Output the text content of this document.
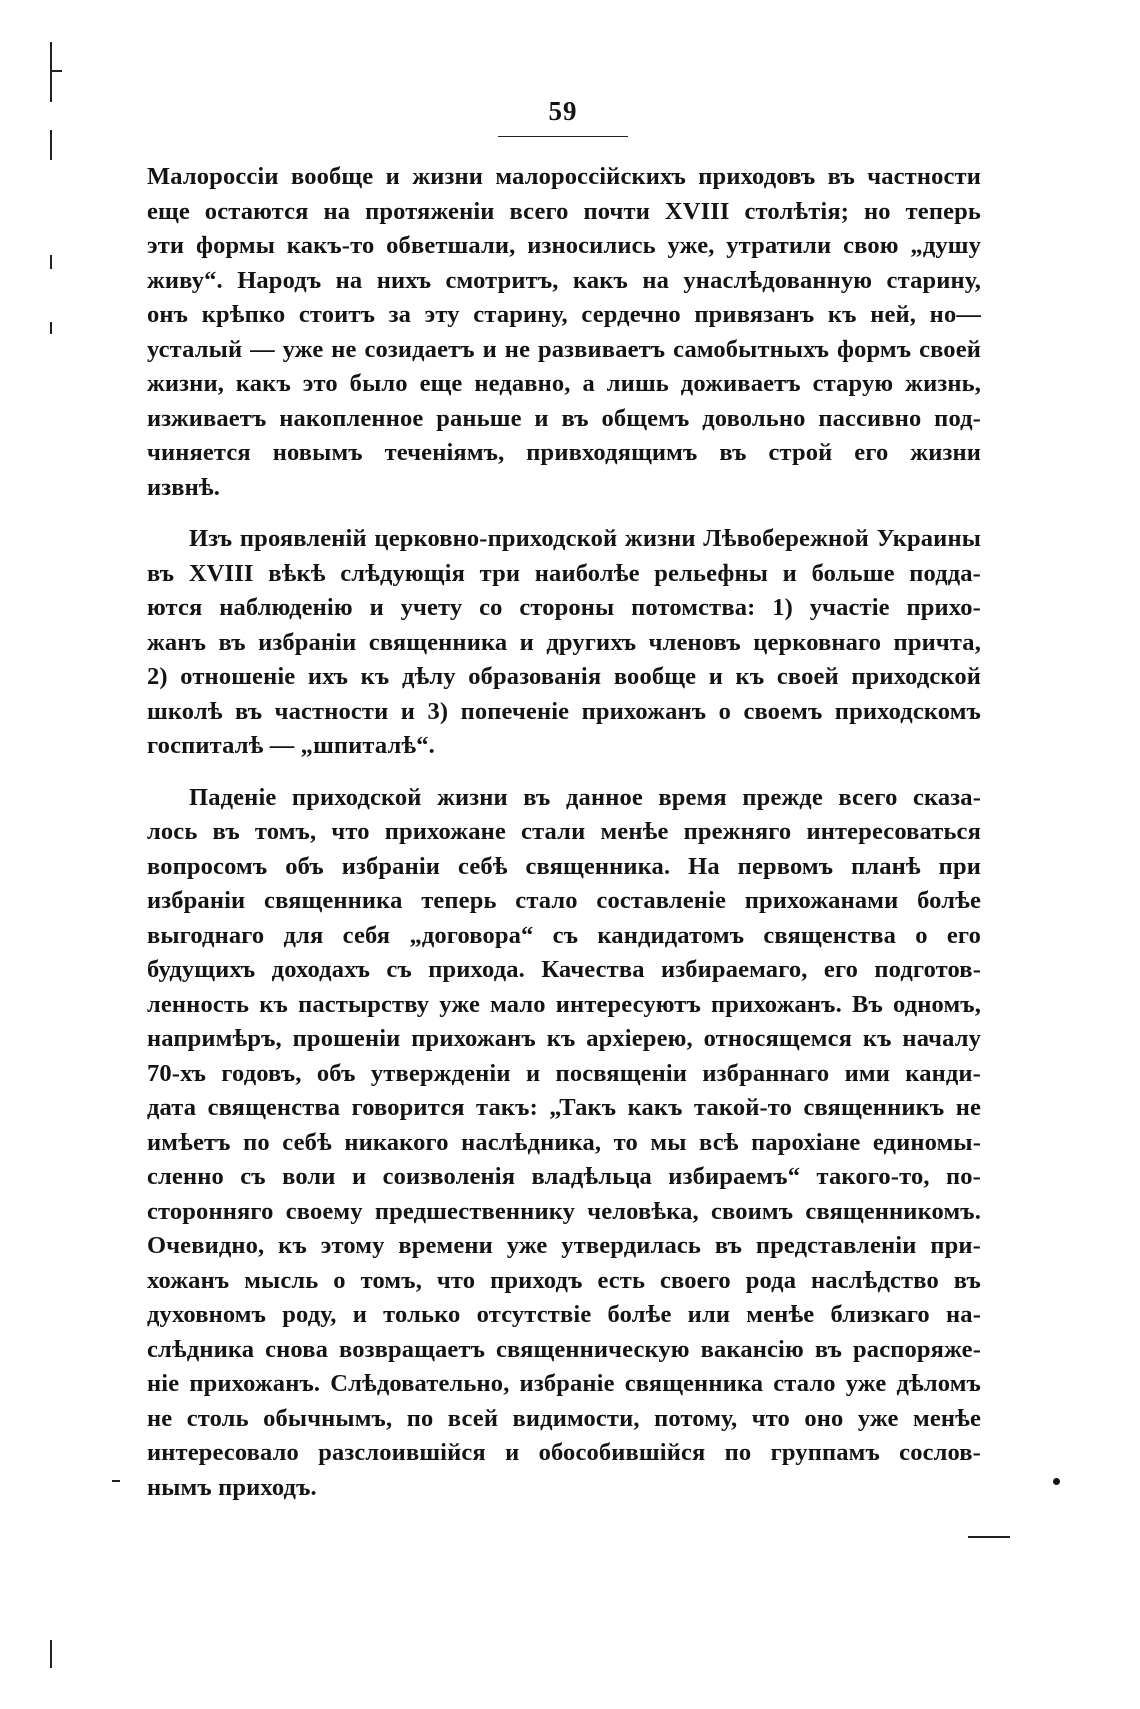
59
Малороссіи вообще и жизни малороссійскихъ приходовъ въ частности
еще остаются на протяженіи всего почти XVIII столѣтія; но теперь
эти формы какъ-то обветшали, износились уже, утратили свою „душу
живу“. Народъ на нихъ смотритъ, какъ на унаслѣдованную старину,
онъ крѣпко стоитъ за эту старину, сердечно привязанъ къ ней, но—
усталый — уже не созидаетъ и не развиваетъ самобытныхъ формъ своей
жизни, какъ это было еще недавно, а лишь доживаетъ старую жизнь,
изживаетъ накопленное раньше и въ общемъ довольно пассивно под-
чиняется новымъ теченіямъ, привходящимъ въ строй его жизни
извнѣ.
Изъ проявленій церковно-приходской жизни Лѣвобережной Украины
въ XVIII вѣкѣ слѣдующія три наиболѣе рельефны и больше поддa-
ются наблюденію и учету со стороны потомства: 1) участіе прихо-
жанъ въ избраніи священника и другихъ членовъ церковнаго причта,
2) отношеніе ихъ къ дѣлу образованія вообще и къ своей приходской
школѣ въ частности и 3) попеченіе прихожанъ о своемъ приходскомъ
госпиталѣ — „шпиталѣ“.
Паденіе приходской жизни въ данное время прежде всего сказа-
лось въ томъ, что прихожане стали менѣе прежняго интересоваться
вопросомъ объ избраніи себѣ священника. На первомъ планѣ при
избраніи священника теперь стало составленіе прихожанами болѣе
выгоднаго для себя „договора“ съ кандидатомъ священства о его
будущихъ доходахъ съ прихода. Качества избираемаго, его подготов-
ленность къ пастырству уже мало интересуютъ прихожанъ. Въ одномъ,
напримѣръ, прошеніи прихожанъ къ архіерею, относящемся къ началу
70-хъ годовъ, объ утвержденіи и посвященіи избраннаго ими канди-
дата священства говорится такъ: „Такъ какъ такой-то священникъ не
имѣетъ по себѣ никакого наслѣдника, то мы всѣ парохіане единомы-
сленно съ воли и соизволенія владѣльца избираемъ“ такого-то, по-
сторонняго своему предшественнику человѣка, своимъ священникомъ.
Очевидно, къ этому времени уже утвердилась въ представленіи при-
хожанъ мысль о томъ, что приходъ есть своего рода наслѣдство въ
духовномъ роду, и только отсутствіе болѣе или менѣе близкаго на-
слѣдника снова возвращаетъ священническую вакансію въ распоряже-
ніе прихожанъ. Слѣдовательно, избраніе священника стало уже дѣломъ
не столь обычнымъ, по всей видимости, потому, что оно уже менѣе
интересовало разслоившійся и обособившійся по группамъ сослов-
нымъ приходъ.
